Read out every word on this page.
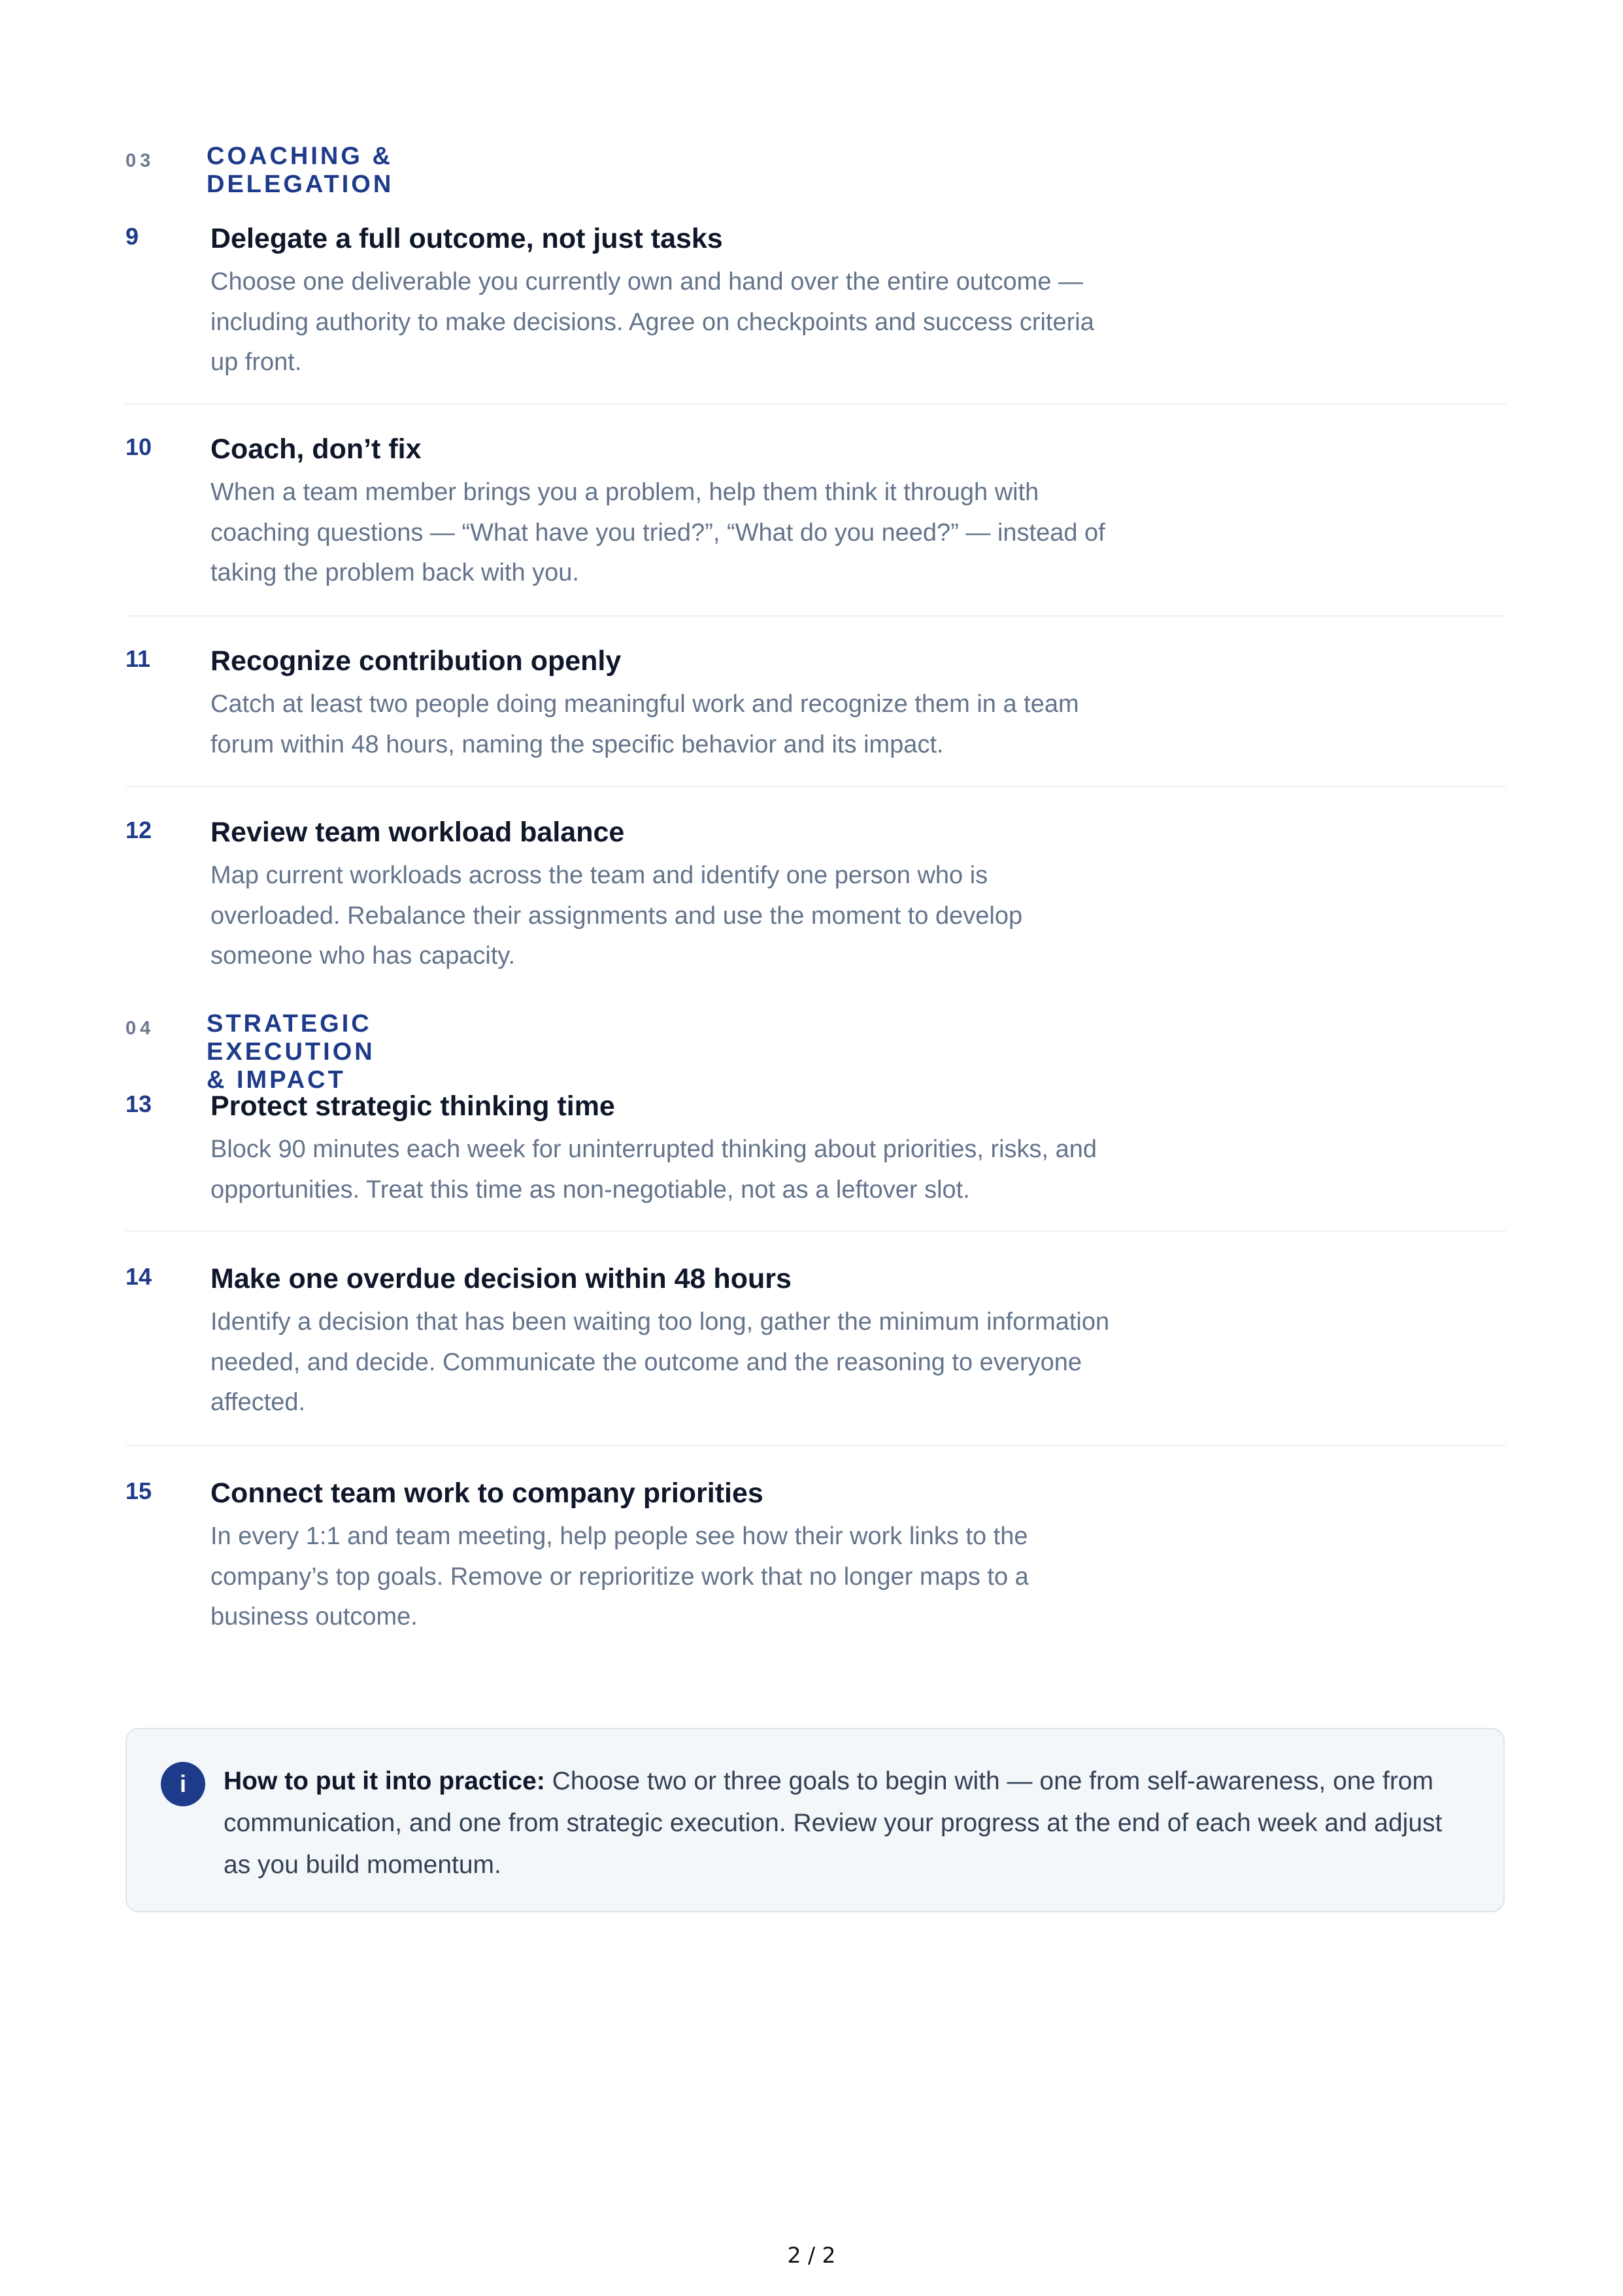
03 COACHING & DELEGATION
9	Delegate a full outcome, not just tasks
Choose one deliverable you currently own and hand over the entire outcome —
including authority to make decisions. Agree on checkpoints and success criteria
up front.
10 Coach, don’t fix
When a team member brings you a problem, help them think it through with
coaching questions — “What have you tried?”, “What do you need?” — instead of
taking the problem back with you.
11 Recognize contribution openly
Catch at least two people doing meaningful work and recognize them in a team
forum within 48 hours, naming the specific behavior and its impact.
12 Review team workload balance
Map current workloads across the team and identify one person who is
overloaded. Rebalance their assignments and use the moment to develop
someone who has capacity.
04 STRATEGIC EXECUTION & IMPACT
13 Protect strategic thinking time
Block 90 minutes each week for uninterrupted thinking about priorities, risks, and
opportunities. Treat this time as non-negotiable, not as a leftover slot.
14 Make one overdue decision within 48 hours
Identify a decision that has been waiting too long, gather the minimum information
needed, and decide. Communicate the outcome and the reasoning to everyone
affected.
15 Connect team work to company priorities
In every 1:1 and team meeting, help people see how their work links to the
company’s top goals. Remove or reprioritize work that no longer maps to a
business outcome.
i	How to put it into practice: Choose two or three goals to begin with — one from self-awareness, one from
communication, and one from strategic execution. Review your progress at the end of each week and adjust
as you build momentum.
2 / 2
